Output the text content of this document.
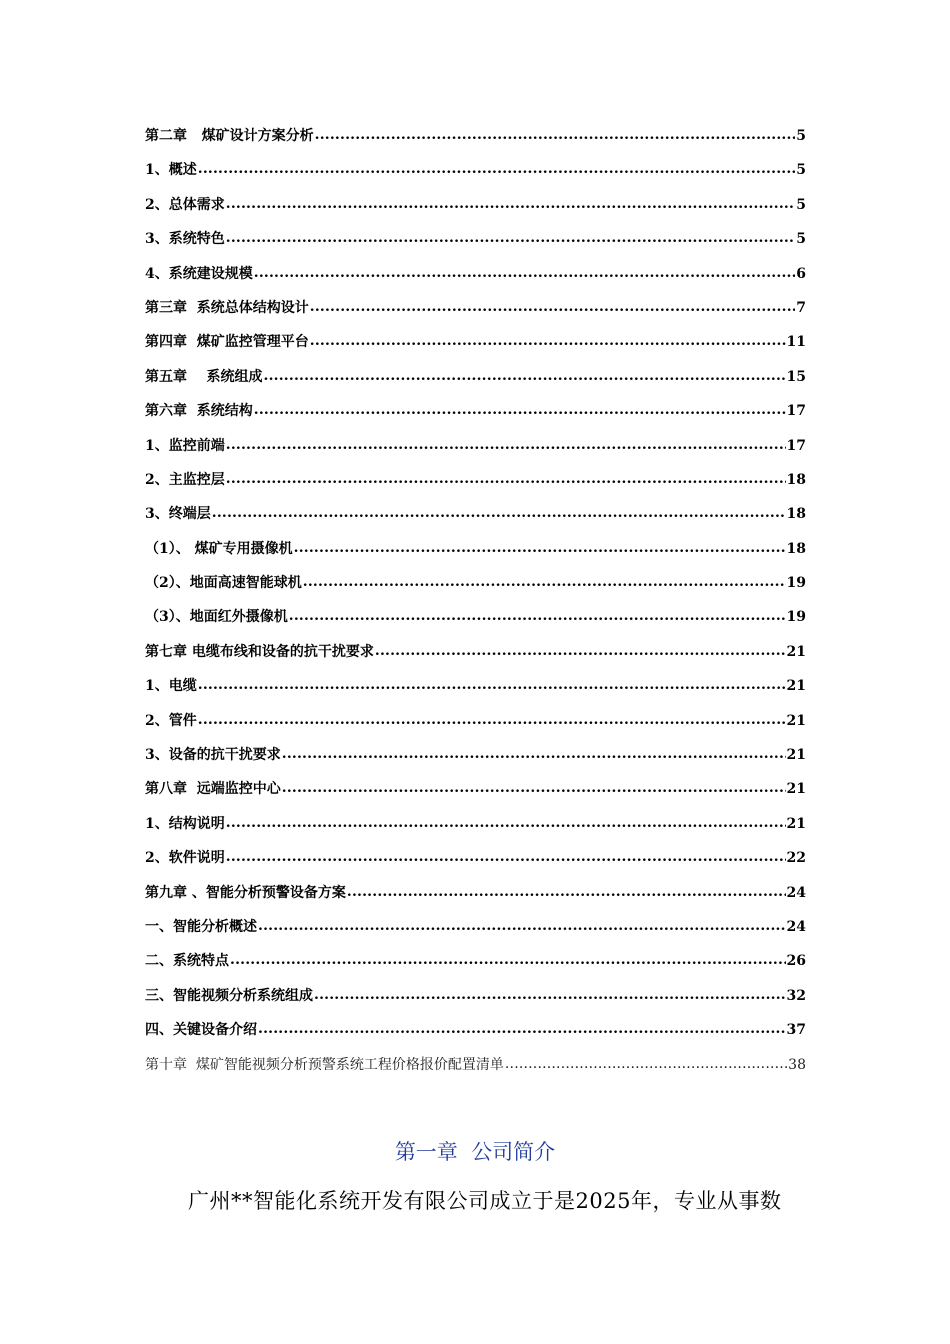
第二章   煤矿设计方案分析 .....	5
1、概述 .....	5
2、总体需求 .....	5
3、系统特色 .....	5
4、系统建设规模 .....	6
第三章  系统总体结构设计 .....	7
第四章  煤矿监控管理平台 .....	11
第五章    系统组成 .....	15
第六章  系统结构 .....	17
1、监控前端 .....	17
2、主监控层 .....	18
3、终端层 .....	18
（1）、 煤矿专用摄像机 .....	18
（2）、地面高速智能球机 .....	19
（3）、地面红外摄像机 .....	19
第七章 电缆布线和设备的抗干扰要求 .....	21
1、电缆 .....	21
2、管件 .....	21
3、设备的抗干扰要求 .....	21
第八章  远端监控中心 .....	21
1、结构说明 .....	21
2、软件说明 .....	22
第九章 、智能分析预警设备方案 .....	24
一、智能分析概述 .....	24
二、系统特点 .....	26
三、智能视频分析系统组成 .....	32
四、关键设备介绍 .....	37
第十章  煤矿智能视频分析预警系统工程价格报价配置清单 .....	38
第一章  公司简介
广州**智能化系统开发有限公司成立于是2025年，专业从事数
